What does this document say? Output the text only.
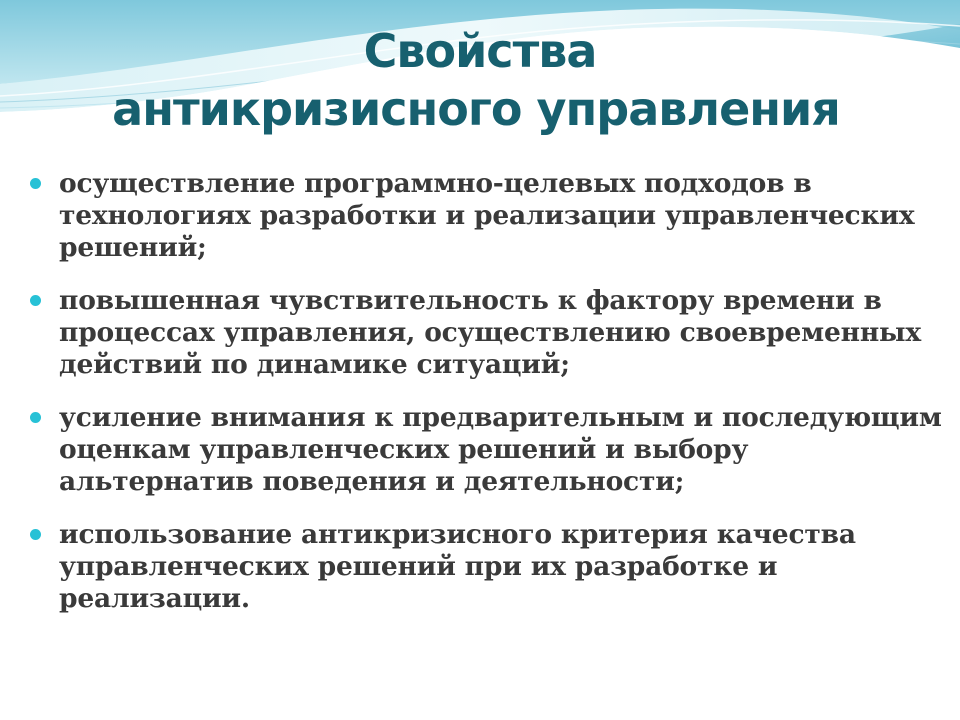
Свойства
антикризисного управления
осуществление программно-целевых подходов в технологиях разработки и реализации управленческих решений;
повышенная чувствительность к фактору времени в процессах управления, осуществлению своевременных действий по динамике ситуаций;
усиление внимания к предварительным и последующим оценкам управленческих решений и выбору альтернатив поведения и деятельности;
использование антикризисного критерия качества управленческих решений при их разработке и реализации.
